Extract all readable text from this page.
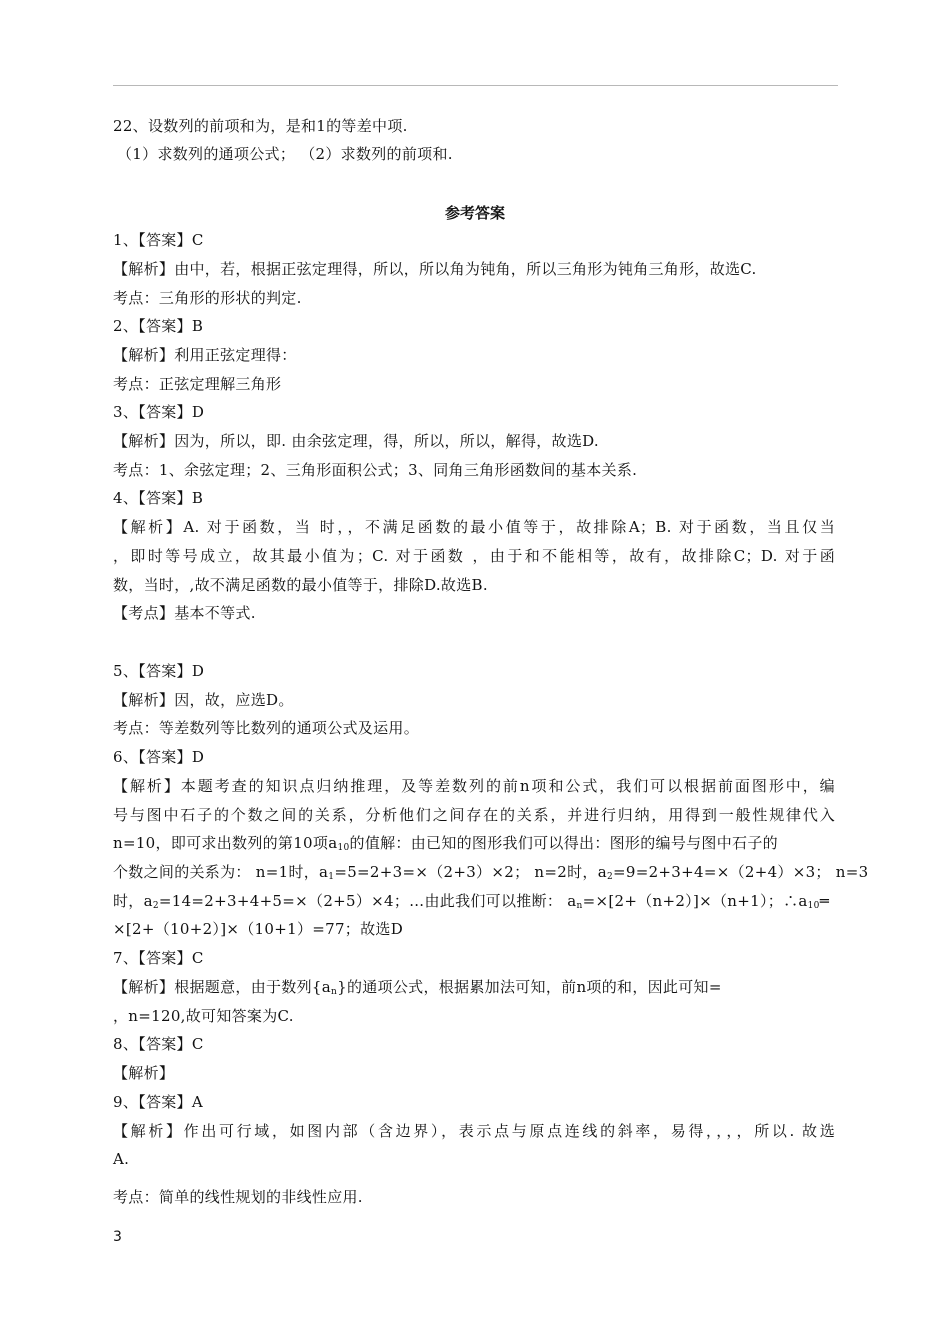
22、设数列的前项和为，是和1的等差中项.
（1）求数列的通项公式； （2）求数列的前项和.
参考答案
1、【答案】C
【解析】由中，若，根据正弦定理得，所以，所以角为钝角，所以三角形为钝角三角形，故选C.
考点：三角形的形状的判定.
2、【答案】B
【解析】利用正弦定理得：
考点：正弦定理解三角形
3、【答案】D
【解析】因为，所以，即. 由余弦定理，得，所以，所以，解得，故选D.
考点：1、余弦定理；2、三角形面积公式；3、同角三角形函数间的基本关系.
4、【答案】B
【解析】A. 对于函数，当 时，，不满足函数的最小值等于，故排除A；B. 对于函数，当且仅当
，即时等号成立，故其最小值为；C. 对于函数 ，由于和不能相等，故有，故排除C；D. 对于函
数，当时，,故不满足函数的最小值等于，排除D.故选B.
【考点】基本不等式.
5、【答案】D
【解析】因，故，应选D。
考点：等差数列等比数列的通项公式及运用。
6、【答案】D
【解析】本题考查的知识点归纳推理，及等差数列的前n项和公式，我们可以根据前面图形中，编
号与图中石子的个数之间的关系，分析他们之间存在的关系，并进行归纳，用得到一般性规律代入
n=10，即可求出数列的第10项$a_{10}$的值解：由已知的图形我们可以得出：图形的编号与图中石子的
个数之间的关系为： n=1时，$a_1=5=2+3=\times(2+3)\times 2$； n=2时，$a_2=9=2+3+4=\times(2+4)\times 3$； n=3
时，$a_2=14=2+3+4+5=\times(2+5)\times 4$；…由此我们可以推断： $a_n=\times[2+(n+2)]\times(n+1)$；$\therefore a_{10}═$
×[2+（10+2）]×（10+1）=77；故选D
7、【答案】C
【解析】根据题意，由于数列$\{a_n\}$的通项公式，根据累加法可知，前n项的和，因此可知=
，n=120,故可知答案为C.
8、【答案】C
【解析】
9、【答案】A
【解析】作出可行域，如图内部（含边界），表示点与原点连线的斜率，易得，，，，所以. 故选
A.
考点：简单的线性规划的非线性应用.
3
